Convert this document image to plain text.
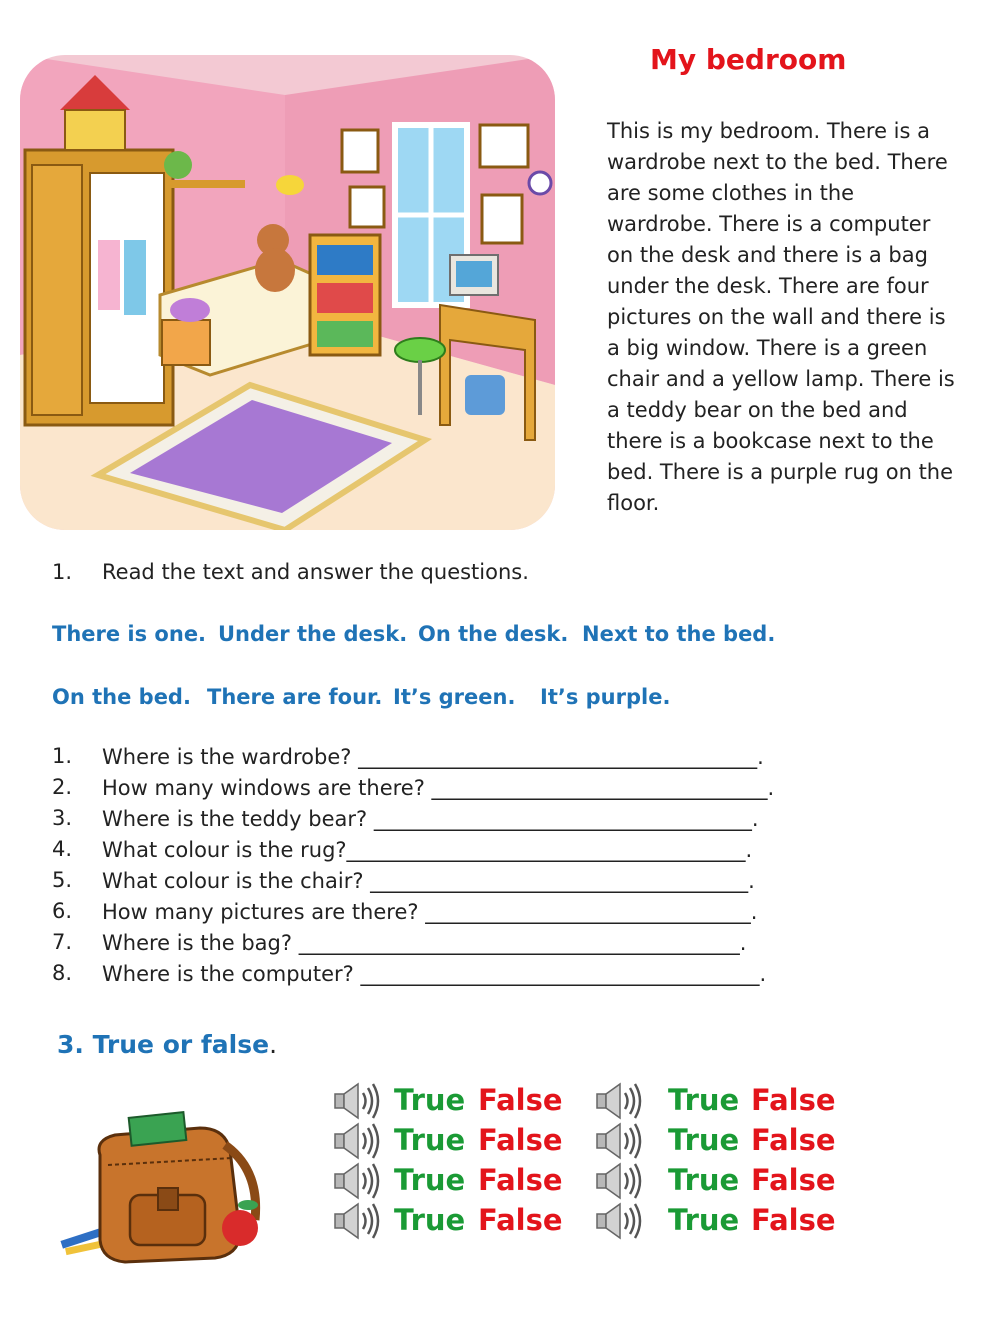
My bedroom
This is my bedroom. There is a
wardrobe next to the bed. There
are some clothes in the
wardrobe. There is a computer
on the desk and there is a bag
under the desk. There are four
pictures on the wall and there is
a big window. There is a green
chair and a yellow lamp. There is
a teddy bear on the bed and
there is a bookcase next to the
bed. There is a purple rug on the
floor.
1. Read the text and answer the questions.
There is one. Under the desk. On the desk. Next to the bed.
On the bed. There are four. It’s green. It’s purple.
1. Where is the wardrobe? ______________________________________.
2. How many windows are there? ________________________________.
3. Where is the teddy bear? ____________________________________.
4. What colour is the rug?______________________________________.
5. What colour is the chair? ____________________________________.
6. How many pictures are there? _______________________________.
7. Where is the bag? __________________________________________.
8. Where is the computer? ______________________________________.
3. True or false.
True False
True False
True False
True False
True False
True False
True False
True False
